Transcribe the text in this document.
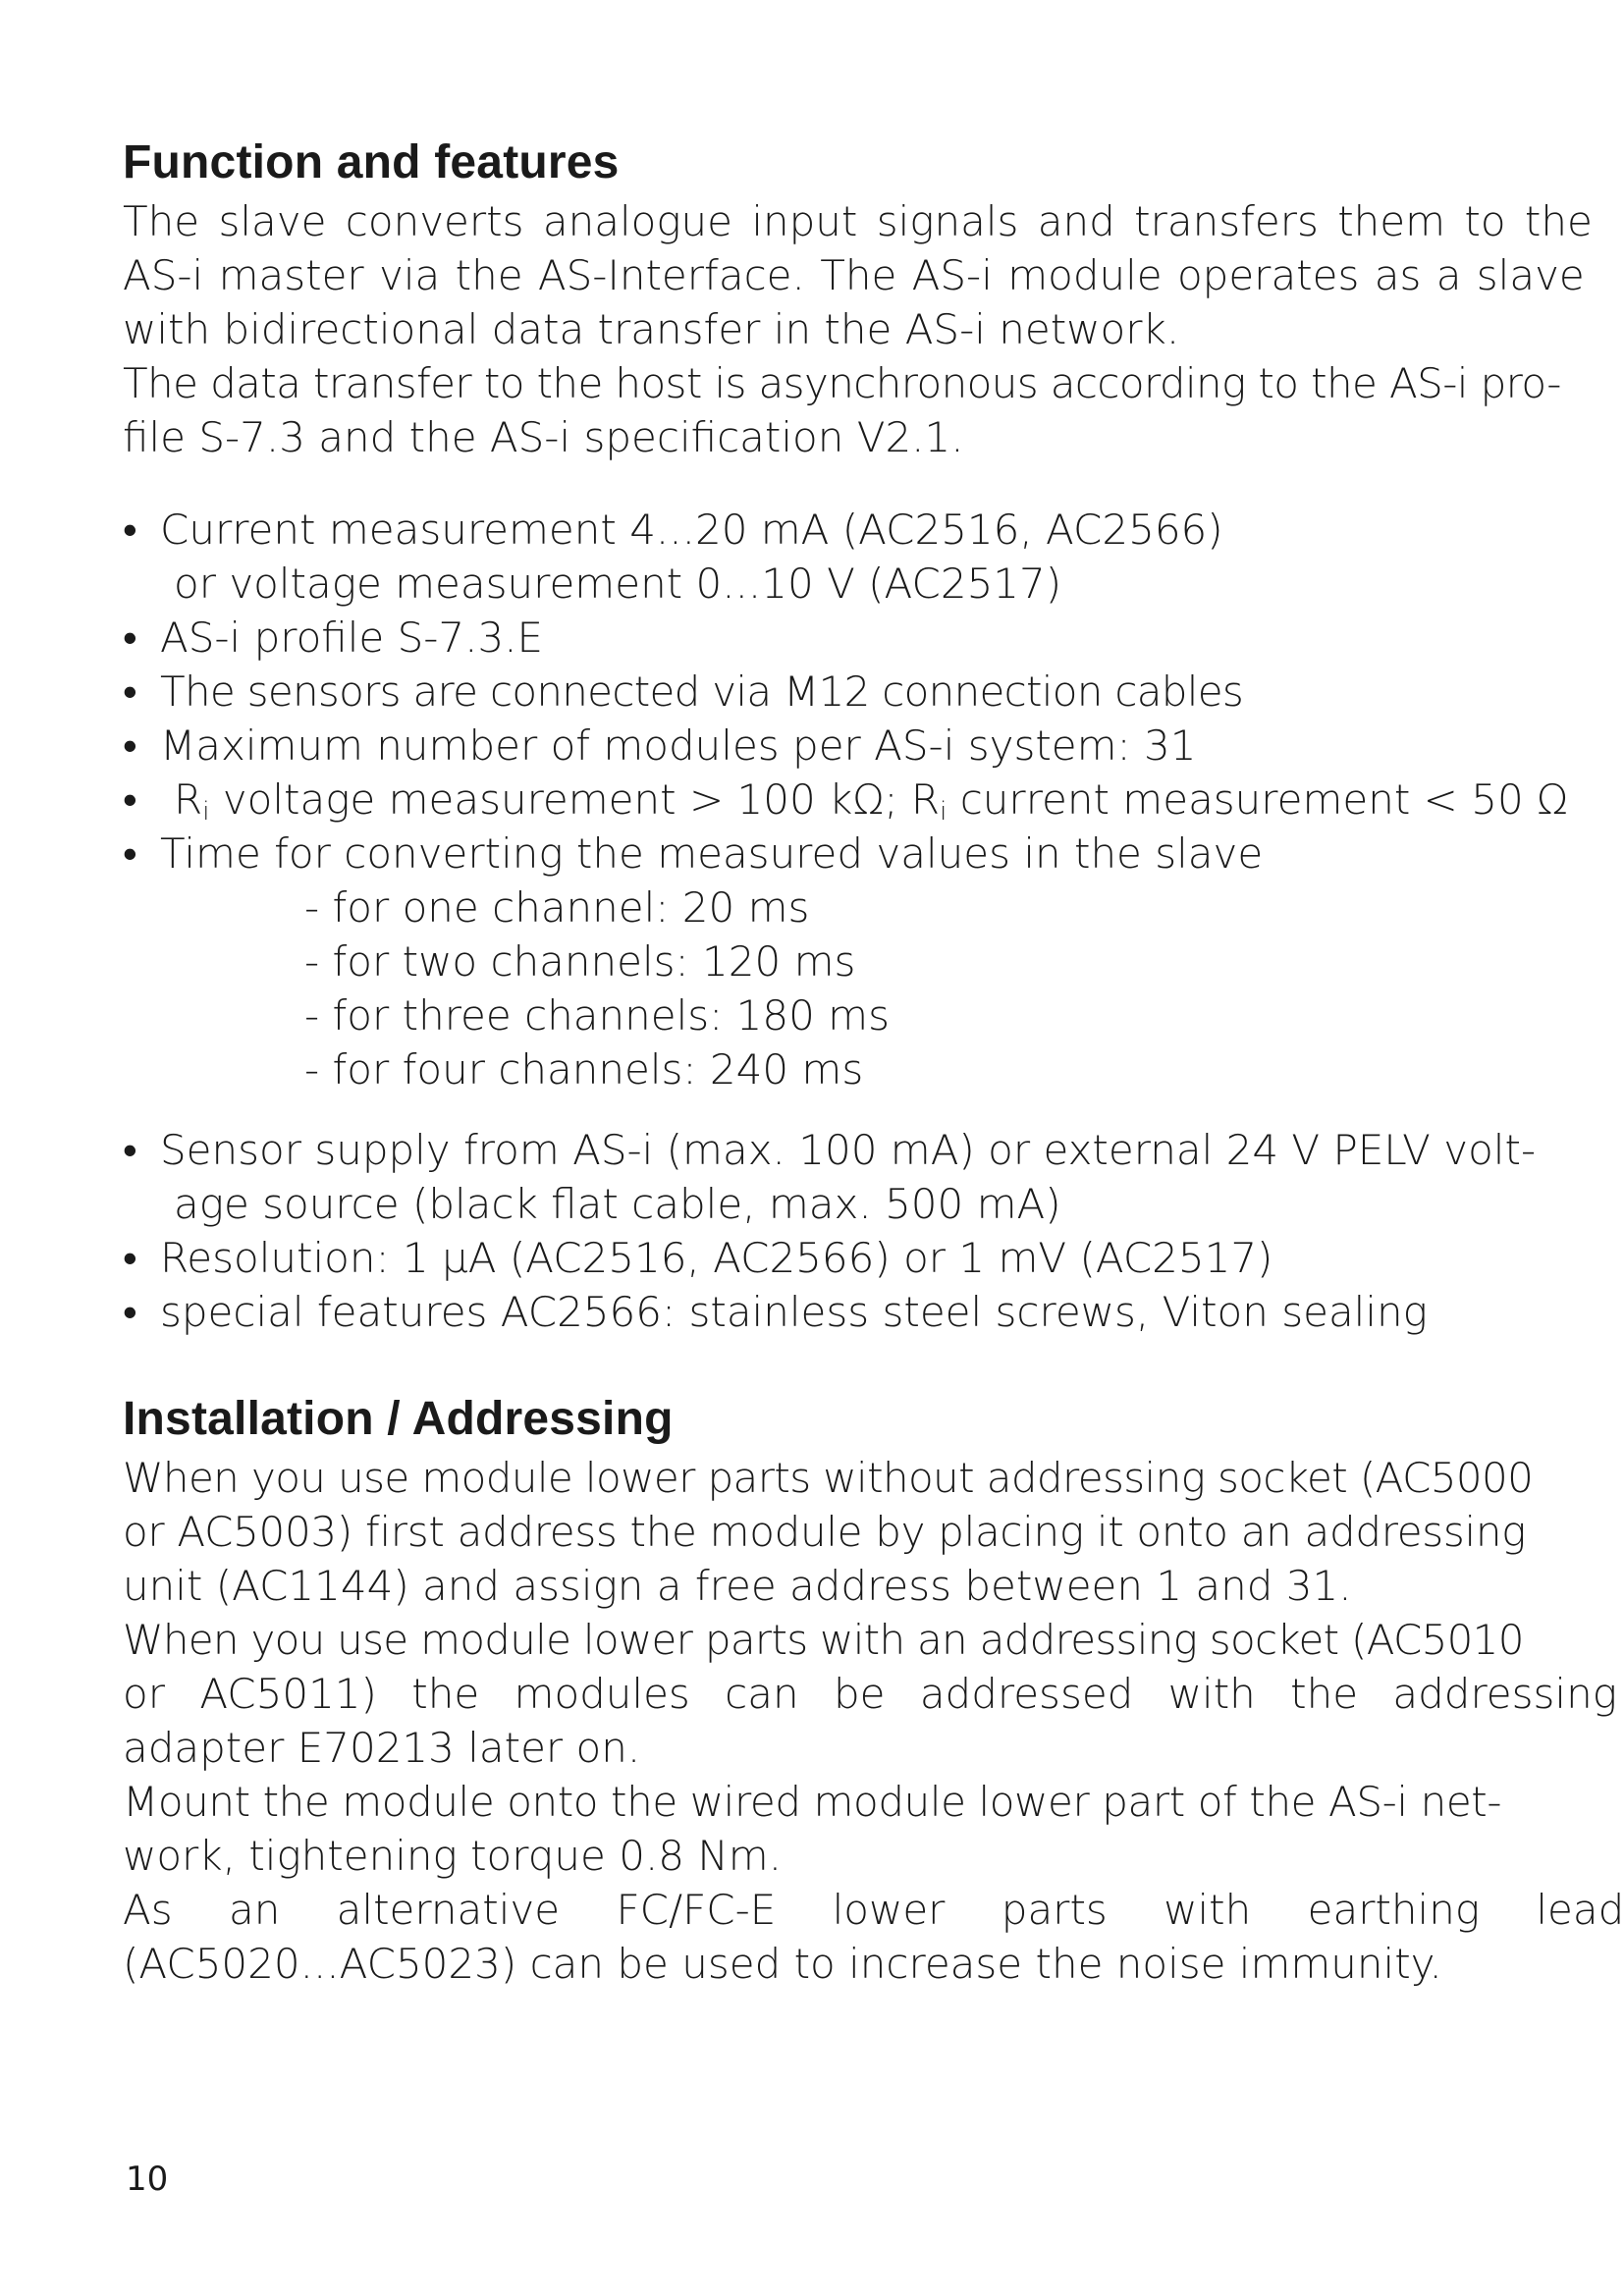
Function and features
The slave converts analogue input signals and transfers them to the
AS-i master via the AS-Interface. The AS-i module operates as a slave
with bidirectional data transfer in the AS-i network.
The data transfer to the host is asynchronous according to the AS-i pro-
file S-7.3 and the AS-i specification V2.1.
• Current measurement 4...20 mA (AC2516, AC2566)
or voltage measurement 0...10 V (AC2517)
• AS-i profile S-7.3.E
• The sensors are connected via M12 connection cables
• Maximum number of modules per AS-i system: 31
• $R_i$ voltage measurement > 100 kΩ; $R_i$ current measurement < 50 Ω
• Time for converting the measured values in the slave
- for one channel: 20 ms
- for two channels: 120 ms
- for three channels: 180 ms
- for four channels: 240 ms
• Sensor supply from AS-i (max. 100 mA) or external 24 V PELV volt-
age source (black flat cable, max. 500 mA)
• Resolution: 1 µA (AC2516, AC2566) or 1 mV (AC2517)
• special features AC2566: stainless steel screws, Viton sealing
Installation / Addressing
When you use module lower parts without addressing socket (AC5000
or AC5003) first address the module by placing it onto an addressing
unit (AC1144) and assign a free address between 1 and 31.
When you use module lower parts with an addressing socket (AC5010
or AC5011) the modules can be addressed with the addressing
adapter E70213 later on.
Mount the module onto the wired module lower part of the AS-i net-
work, tightening torque 0.8 Nm.
As an alternative FC/FC-E lower parts with earthing lead
(AC5020...AC5023) can be used to increase the noise immunity.
10
